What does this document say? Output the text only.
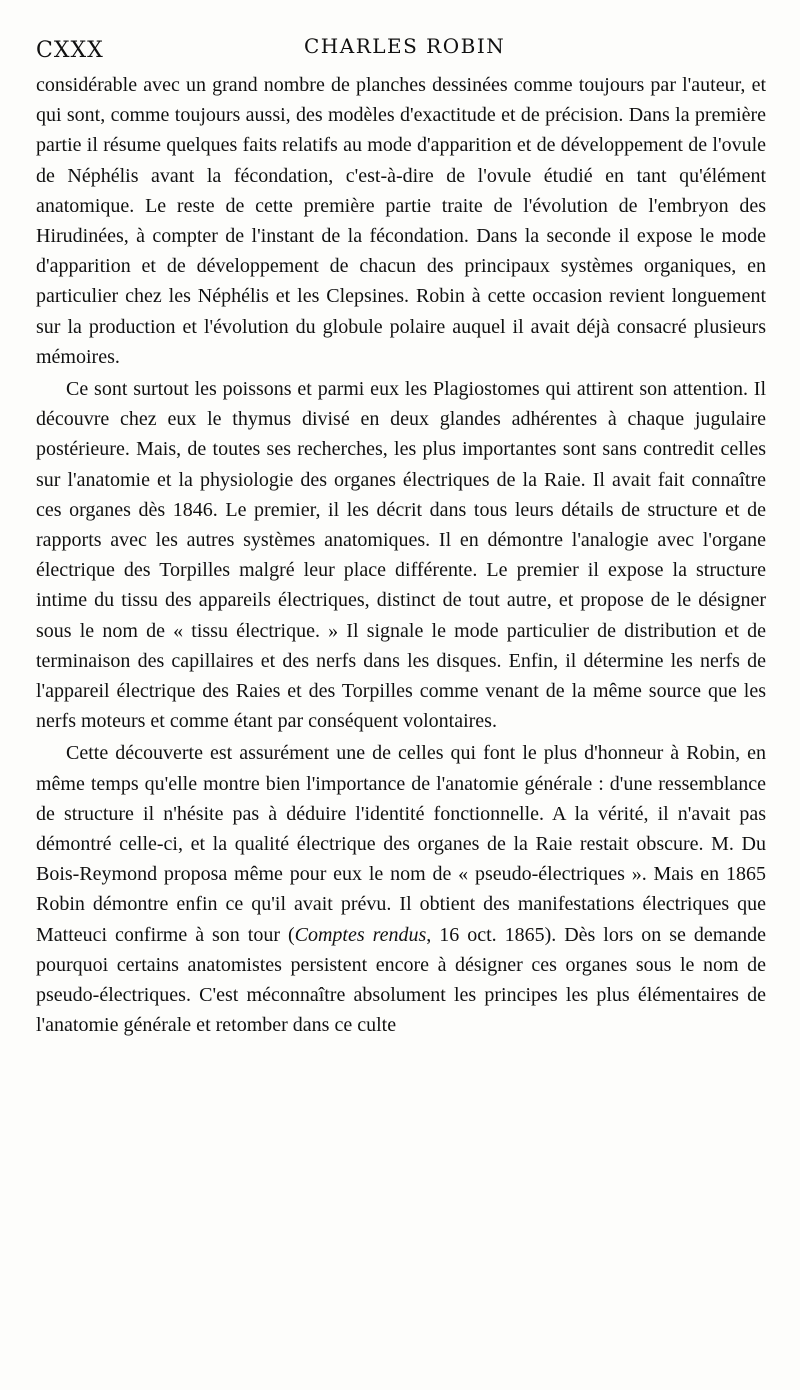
CXXX	CHARLES ROBIN

considérable avec un grand nombre de planches dessinées comme toujours par l'auteur, et qui sont, comme toujours aussi, des modèles d'exactitude et de précision. Dans la première partie il résume quelques faits relatifs au mode d'apparition et de développement de l'ovule de Néphélis avant la fécondation, c'est-à-dire de l'ovule étudié en tant qu'élément anatomique. Le reste de cette première partie traite de l'évolution de l'embryon des Hirudinées, à compter de l'instant de la fécondation. Dans la seconde il expose le mode d'apparition et de développement de chacun des principaux systèmes organiques, en particulier chez les Néphélis et les Clepsines. Robin à cette occasion revient longuement sur la production et l'évolution du globule polaire auquel il avait déjà consacré plusieurs mémoires.

Ce sont surtout les poissons et parmi eux les Plagiostomes qui attirent son attention. Il découvre chez eux le thymus divisé en deux glandes adhérentes à chaque jugulaire postérieure. Mais, de toutes ses recherches, les plus importantes sont sans contredit celles sur l'anatomie et la physiologie des organes électriques de la Raie. Il avait fait connaître ces organes dès 1846. Le premier, il les décrit dans tous leurs détails de structure et de rapports avec les autres systèmes anatomiques. Il en démontre l'analogie avec l'organe électrique des Torpilles malgré leur place différente. Le premier il expose la structure intime du tissu des appareils électriques, distinct de tout autre, et propose de le désigner sous le nom de « tissu électrique. » Il signale le mode particulier de distribution et de terminaison des capillaires et des nerfs dans les disques. Enfin, il détermine les nerfs de l'appareil électrique des Raies et des Torpilles comme venant de la même source que les nerfs moteurs et comme étant par conséquent volontaires.

Cette découverte est assurément une de celles qui font le plus d'honneur à Robin, en même temps qu'elle montre bien l'importance de l'anatomie générale : d'une ressemblance de structure il n'hésite pas à déduire l'identité fonctionnelle. A la vérité, il n'avait pas démontré celle-ci, et la qualité électrique des organes de la Raie restait obscure. M. Du Bois-Reymond proposa même pour eux le nom de « pseudo-électriques ». Mais en 1865 Robin démontre enfin ce qu'il avait prévu. Il obtient des manifestations électriques que Matteuci confirme à son tour (Comptes rendus, 16 oct. 1865). Dès lors on se demande pourquoi certains anatomistes persistent encore à désigner ces organes sous le nom de pseudo-électriques. C'est méconnaître absolument les principes les plus élémentaires de l'anatomie générale et retomber dans ce culte
